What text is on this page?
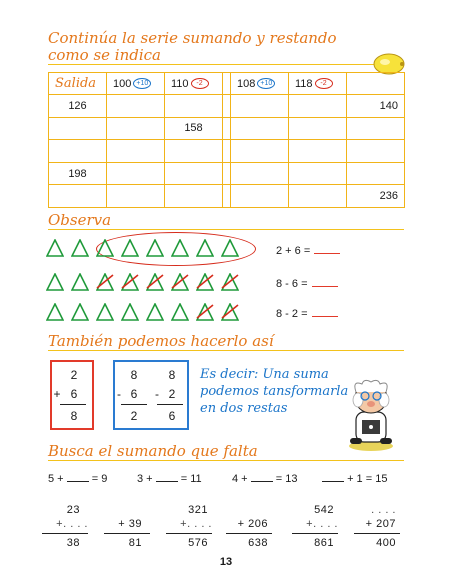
Continúa la serie sumando y restando como se indica
Salida	100 +10	110 -2		108 +10	118 -2	
126						140
		158				

198						
						236
Observa
2 + 6 =
8 - 6 =
8 - 2 =
También podemos hacerlo así
2
+ 6
8
8
- 6
2
8
- 2
6
Es decir: Una suma
podemos tansformarla
en dos restas
Busca el sumando que falta
5 +	= 9	3 +	= 11	4 +	= 13	+ 1 = 15
23
+. . . .
38
+ 39
81
321
+. . . .
576
+ 206
638
542
+. . . .
861
. . . .
+ 207
400
13
